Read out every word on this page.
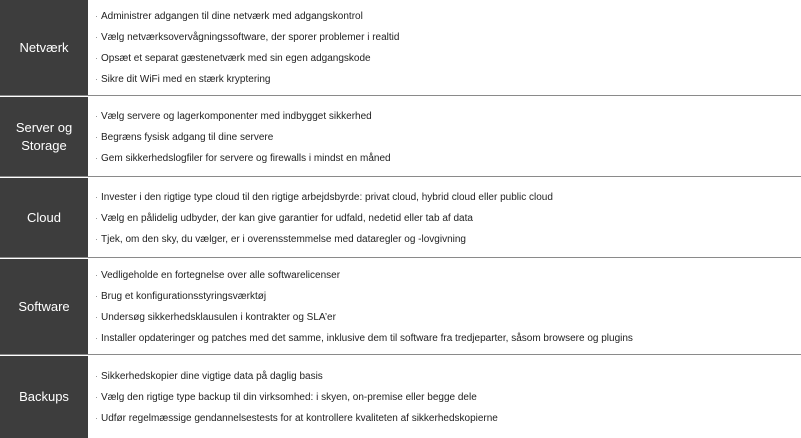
Netværk
· Administrer adgangen til dine netværk med adgangskontrol
· Vælg netværksovervågningssoftware, der sporer problemer i realtid
· Opsæt et separat gæstenetværk med sin egen adgangskode
· Sikre dit WiFi med en stærk kryptering
Server og Storage
· Vælg servere og lagerkomponenter med indbygget sikkerhed
· Begræns fysisk adgang til dine servere
· Gem sikkerhedslogfiler for servere og firewalls i mindst en måned
Cloud
· Invester i den rigtige type cloud til den rigtige arbejdsbyrde: privat cloud, hybrid cloud eller public cloud
· Vælg en pålidelig udbyder, der kan give garantier for udfald, nedetid eller tab af data
· Tjek, om den sky, du vælger, er i overensstemmelse med dataregler og -lovgivning
Software
· Vedligeholde en fortegnelse over alle softwarelicenser
· Brug et konfigurationsstyringsværktøj
· Undersøg sikkerhedsklausulen i kontrakter og SLA’er
· Installer opdateringer og patches med det samme, inklusive dem til software fra tredjeparter, såsom browsere og plugins
Backups
· Sikkerhedskopier dine vigtige data på daglig basis
· Vælg den rigtige type backup til din virksomhed: i skyen, on-premise eller begge dele
· Udfør regelmæssige gendannelsestests for at kontrollere kvaliteten af sikkerhedskopierne
